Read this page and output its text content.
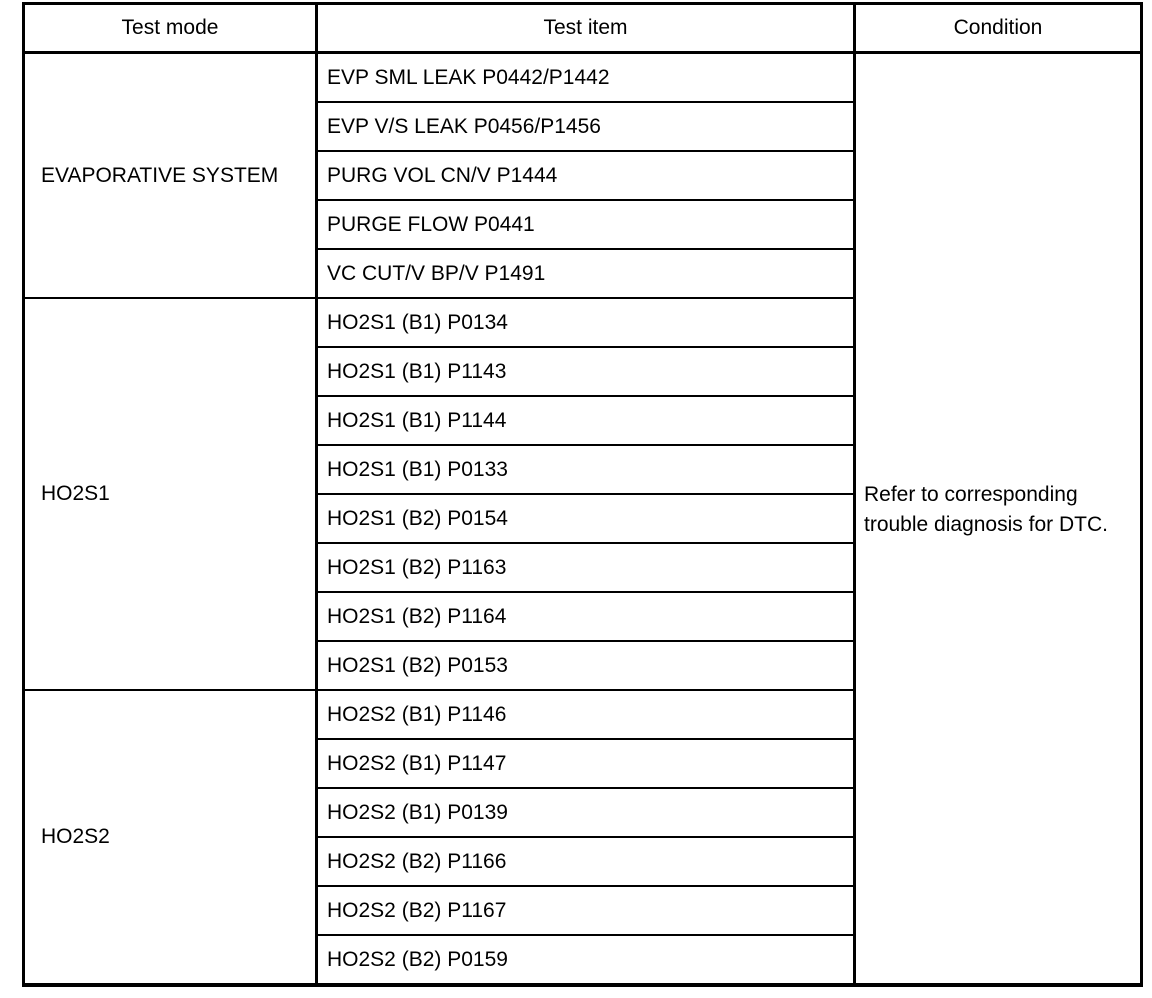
Test mode	Test item	Condition
EVAPORATIVE SYSTEM	EVP SML LEAK P0442/P1442	Refer to corresponding trouble diagnosis for DTC.
	EVP V/S LEAK P0456/P1456	
	PURG VOL CN/V P1444	
	PURGE FLOW P0441	
	VC CUT/V BP/V P1491	
HO2S1	HO2S1 (B1) P0134	
	HO2S1 (B1) P1143	
	HO2S1 (B1) P1144	
	HO2S1 (B1) P0133	
	HO2S1 (B2) P0154	
	HO2S1 (B2) P1163	
	HO2S1 (B2) P1164	
	HO2S1 (B2) P0153	
HO2S2	HO2S2 (B1) P1146	
	HO2S2 (B1) P1147	
	HO2S2 (B1) P0139	
	HO2S2 (B2) P1166	
	HO2S2 (B2) P1167	
	HO2S2 (B2) P0159	
